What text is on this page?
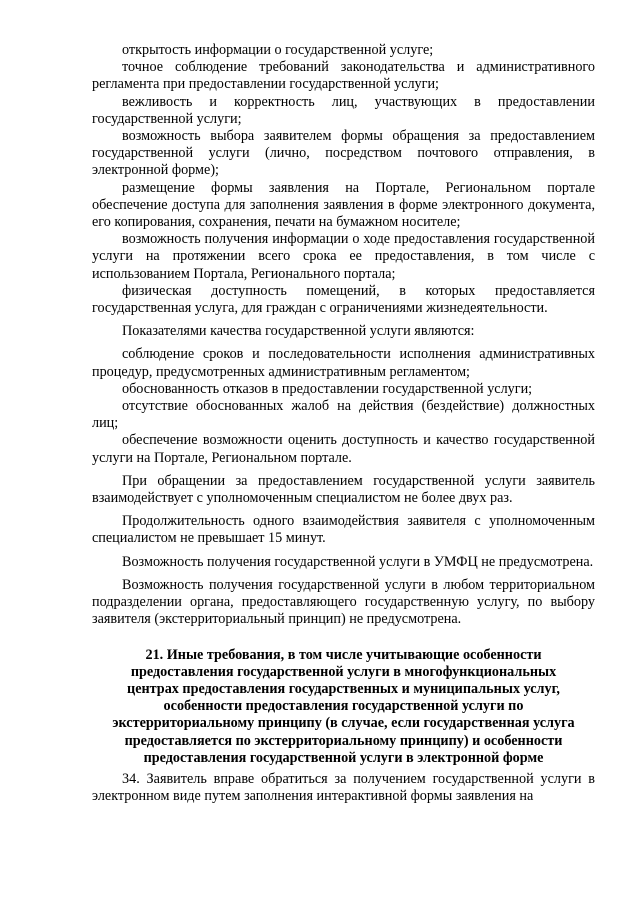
открытость информации о государственной услуге;

точное соблюдение требований законодательства и административного регламента при предоставлении государственной услуги;

вежливость и корректность лиц, участвующих в предоставлении государственной услуги;

возможность выбора заявителем формы обращения за предоставлением государственной услуги (лично, посредством почтового отправления, в электронной форме);

размещение формы заявления на Портале, Региональном портале обеспечение доступа для заполнения заявления в форме электронного документа, его копирования, сохранения, печати на бумажном носителе;

возможность получения информации о ходе предоставления государственной услуги на протяжении всего срока ее предоставления, в том числе с использованием Портала, Регионального портала;

физическая доступность помещений, в которых предоставляется государственная услуга, для граждан с ограничениями жизнедеятельности.

Показателями качества государственной услуги являются:

соблюдение сроков и последовательности исполнения административных процедур, предусмотренных административным регламентом;

обоснованность отказов в предоставлении государственной услуги;

отсутствие обоснованных жалоб на действия (бездействие) должностных лиц;

обеспечение возможности оценить доступность и качество государственной услуги на Портале, Региональном портале.

При обращении за предоставлением государственной услуги заявитель взаимодействует с уполномоченным специалистом не более двух раз.

Продолжительность одного взаимодействия заявителя с уполномоченным специалистом не превышает 15 минут.

Возможность получения государственной услуги в УМФЦ не предусмотрена.

Возможность получения государственной услуги в любом территориальном подразделении органа, предоставляющего государственную услугу, по выбору заявителя (экстерриториальный принцип) не предусмотрена.

21. Иные требования, в том числе учитывающие особенности
предоставления государственной услуги в многофункциональных
центрах предоставления государственных и муниципальных услуг,
особенности предоставления государственной услуги по
экстерриториальному принципу (в случае, если государственная услуга
предоставляется по экстерриториальному принципу) и особенности
предоставления государственной услуги в электронной форме

34. Заявитель вправе обратиться за получением государственной услуги в электронном виде путем заполнения интерактивной формы заявления на
